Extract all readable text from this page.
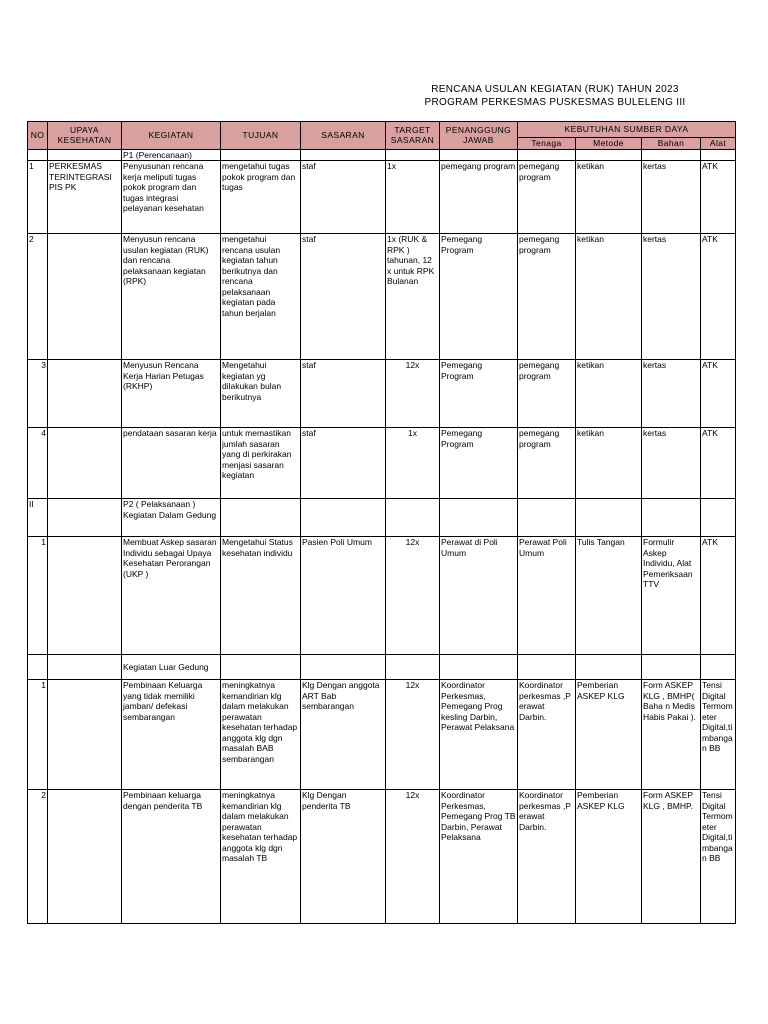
RENCANA USULAN KEGIATAN (RUK) TAHUN 2023
PROGRAM PERKESMAS PUSKESMAS BULELENG III
NO	UPAYA KESEHATAN	KEGIATAN	TUJUAN	SASARAN	TARGET SASARAN	PENANGGUNG JAWAB	KEBUTUHAN SUMBER DAYA			
							Tenaga	Metode	Bahan	Alat
		P1 (Perencanaan)								
1	PERKESMAS TERINTEGRASI PIS PK	Penyusunan rencana kerja meliputi tugas pokok program dan tugas integrasi pelayanan kesehatan	mengetahui tugas pokok program dan tugas	staf	1x	pemegang program	pemegang program	ketikan	kertas	ATK
2		Menyusun rencana usulan kegiatan (RUK) dan rencana pelaksanaan kegiatan (RPK)	mengetahui rencana usulan kegiatan tahun berikutnya dan rencana pelaksanaan kegiatan pada tahun berjalan	staf	1x (RUK & RPK ) tahunan, 12 x untuk RPK Bulanan	Pemegang Program	pemegang program	ketikan	kertas	ATK
3		Menyusun Rencana Kerja Harian Petugas (RKHP)	Mengetahui kegiatan yg dilakukan bulan berikutnya	staf	12x	Pemegang Program	pemegang program	ketikan	kertas	ATK
4		pendataan sasaran kerja	untuk memastikan jumlah sasaran yang di perkirakan menjasi sasaran kegiatan	staf	1x	Pemegang Program	pemegang program	ketikan	kertas	ATK
II		P2 ( Pelaksanaan ) Kegiatan Dalam Gedung								
1		Membuat Askep sasaran Individu sebagai Upaya Kesehatan Perorangan (UKP )	Mengetahui Status kesehatan individu	Pasien Poli Umum	12x	Perawat di Poli Umum	Perawat Poli Umum	Tulis Tangan	Formulir Askep Individu, Alat Pemeriksaan TTV	ATK
		Kegiatan Luar Gedung								
1		Pembinaan Keluarga yang tidak memiliki jamban/ defekasi sembarangan	meningkatnya kemandirian klg dalam melakukan perawatan kesehatan terhadap anggota klg dgn masalah BAB sembarangan	Klg Dengan anggota ART Bab sembarangan	12x	Koordinator Perkesmas, Pemegang Prog kesling Darbin, Perawat Pelaksana	Koordinator perkesmas ,P erawat Darbin.	Pemberian ASKEP KLG	Form ASKEP KLG , BMHP( Baha n Medis Habis Pakai ).	Tensi Digital Termom eter Digital,ti mbanga n BB
2		Pembinaan keluarga dengan penderita TB	meningkatnya kemandirian klg dalam melakukan perawatan kesehatan terhadap anggota klg dgn masalah TB	Klg Dengan penderita TB	12x	Koordinator Perkesmas, Pemegang Prog TB Darbin, Perawat Pelaksana	Koordinator perkesmas ,P erawat Darbin.	Pemberian ASKEP KLG	Form ASKEP KLG , BMHP.	Tensi Digital Termom eter Digital,ti mbanga n BB
